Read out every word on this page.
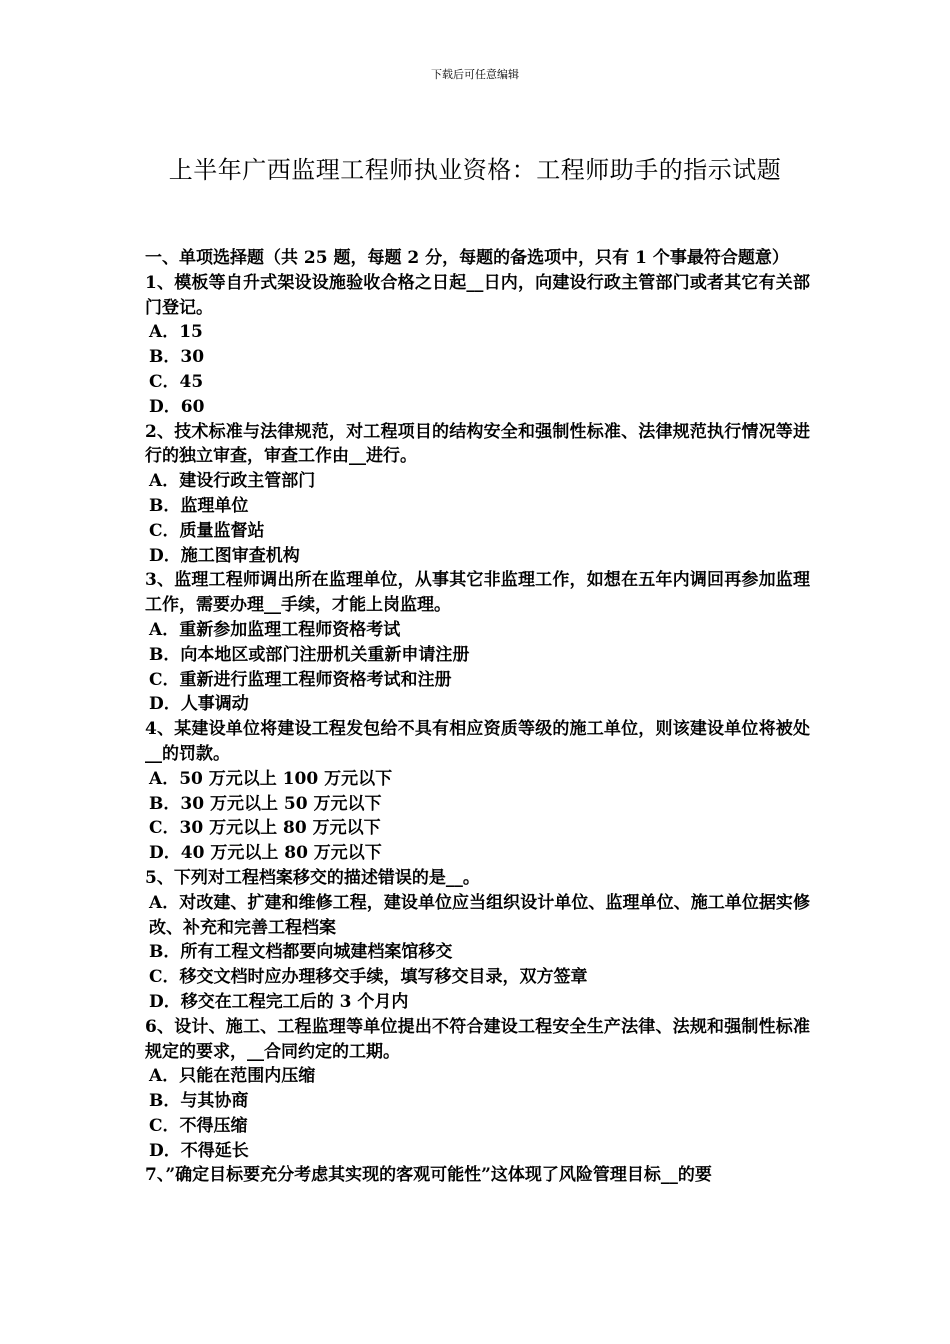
下载后可任意编辑
上半年广西监理工程师执业资格：工程师助手的指示试题

一、单项选择题（共 25 题，每题 2 分，每题的备选项中，只有 1 个事最符合题意）

1、模板等自升式架设设施验收合格之日起__日内，向建设行政主管部门或者其它有关部门登记。

A．15
B．30
C．45
D．60

2、技术标准与法律规范，对工程项目的结构安全和强制性标准、法律规范执行情况等进行的独立审查，审查工作由__进行。

A．建设行政主管部门
B．监理单位
C．质量监督站
D．施工图审查机构

3、监理工程师调出所在监理单位，从事其它非监理工作，如想在五年内调回再参加监理工作，需要办理__手续，才能上岗监理。

A．重新参加监理工程师资格考试
B．向本地区或部门注册机关重新申请注册
C．重新进行监理工程师资格考试和注册
D．人事调动

4、某建设单位将建设工程发包给不具有相应资质等级的施工单位，则该建设单位将被处__的罚款。

A．50 万元以上 100 万元以下
B．30 万元以上 50 万元以下
C．30 万元以上 80 万元以下
D．40 万元以上 80 万元以下

5、下列对工程档案移交的描述错误的是__。

A．对改建、扩建和维修工程，建设单位应当组织设计单位、监理单位、施工单位据实修改、补充和完善工程档案
B．所有工程文档都要向城建档案馆移交
C．移交文档时应办理移交手续，填写移交目录，双方签章
D．移交在工程完工后的 3 个月内

6、设计、施工、工程监理等单位提出不符合建设工程安全生产法律、法规和强制性标准规定的要求，__合同约定的工期。

A．只能在范围内压缩
B．与其协商
C．不得压缩
D．不得延长

7、”确定目标要充分考虑其实现的客观可能性”这体现了风险管理目标__的要
